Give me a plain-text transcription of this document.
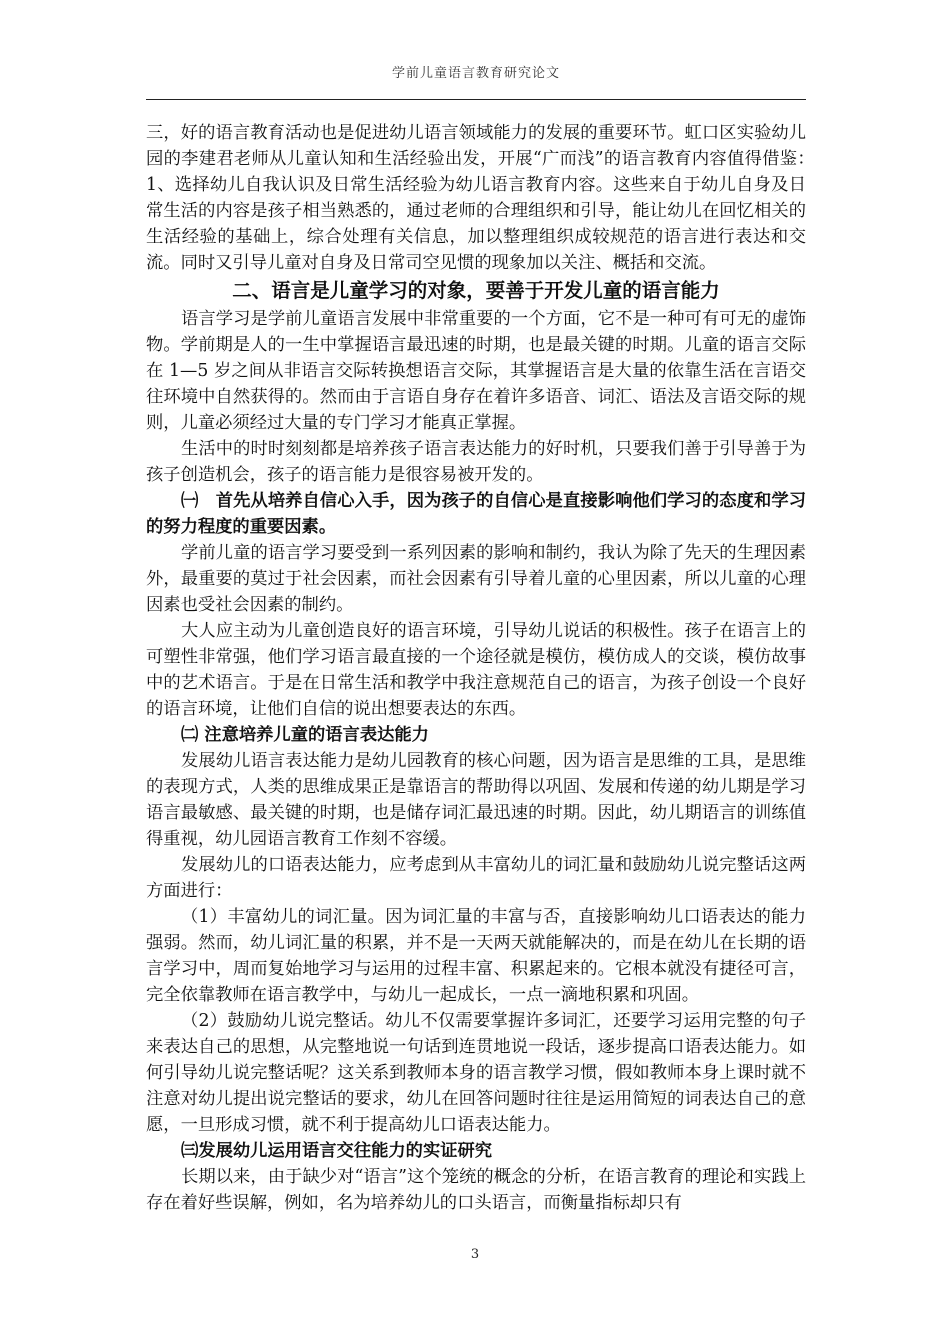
学前儿童语言教育研究论文

三，好的语言教育活动也是促进幼儿语言领域能力的发展的重要环节。虹口区实验幼儿园的李建君老师从儿童认知和生活经验出发，开展“广而浅”的语言教育内容值得借鉴：　　1、选择幼儿自我认识及日常生活经验为幼儿语言教育内容。这些来自于幼儿自身及日常生活的内容是孩子相当熟悉的，通过老师的合理组织和引导，能让幼儿在回忆相关的生活经验的基础上，综合处理有关信息，加以整理组织成较规范的语言进行表达和交流。同时又引导儿童对自身及日常司空见惯的现象加以关注、概括和交流。

二、语言是儿童学习的对象，要善于开发儿童的语言能力

语言学习是学前儿童语言发展中非常重要的一个方面，它不是一种可有可无的虚饰物。学前期是人的一生中掌握语言最迅速的时期，也是最关键的时期。儿童的语言交际在 1—5 岁之间从非语言交际转换想语言交际，其掌握语言是大量的依靠生活在言语交往环境中自然获得的。然而由于言语自身存在着许多语音、词汇、语法及言语交际的规则，儿童必须经过大量的专门学习才能真正掌握。

生活中的时时刻刻都是培养孩子语言表达能力的好时机，只要我们善于引导善于为孩子创造机会，孩子的语言能力是很容易被开发的。

㈠　首先从培养自信心入手，因为孩子的自信心是直接影响他们学习的态度和学习的努力程度的重要因素。

学前儿童的语言学习要受到一系列因素的影响和制约，我认为除了先天的生理因素外，最重要的莫过于社会因素，而社会因素有引导着儿童的心里因素，所以儿童的心理因素也受社会因素的制约。

大人应主动为儿童创造良好的语言环境，引导幼儿说话的积极性。孩子在语言上的可塑性非常强，他们学习语言最直接的一个途径就是模仿，模仿成人的交谈，模仿故事中的艺术语言。于是在日常生活和教学中我注意规范自己的语言，为孩子创设一个良好的语言环境，让他们自信的说出想要表达的东西。

㈡ 注意培养儿童的语言表达能力

发展幼儿语言表达能力是幼儿园教育的核心问题，因为语言是思维的工具，是思维的表现方式，人类的思维成果正是靠语言的帮助得以巩固、发展和传递的幼儿期是学习语言最敏感、最关键的时期，也是储存词汇最迅速的时期。因此，幼儿期语言的训练值得重视，幼儿园语言教育工作刻不容缓。

发展幼儿的口语表达能力，应考虑到从丰富幼儿的词汇量和鼓励幼儿说完整话这两方面进行：

（1）丰富幼儿的词汇量。因为词汇量的丰富与否，直接影响幼儿口语表达的能力强弱。然而，幼儿词汇量的积累，并不是一天两天就能解决的，而是在幼儿在长期的语言学习中，周而复始地学习与运用的过程丰富、积累起来的。它根本就没有捷径可言，完全依靠教师在语言教学中，与幼儿一起成长，一点一滴地积累和巩固。

（2）鼓励幼儿说完整话。幼儿不仅需要掌握许多词汇，还要学习运用完整的句子来表达自己的思想，从完整地说一句话到连贯地说一段话，逐步提高口语表达能力。如何引导幼儿说完整话呢？这关系到教师本身的语言教学习惯，假如教师本身上课时就不注意对幼儿提出说完整话的要求，幼儿在回答问题时往往是运用简短的词表达自己的意愿，一旦形成习惯，就不利于提高幼儿口语表达能力。

㈢发展幼儿运用语言交往能力的实证研究

长期以来，由于缺少对“语言”这个笼统的概念的分析，在语言教育的理论和实践上存在着好些误解，例如，名为培养幼儿的口头语言，而衡量指标却只有

3
